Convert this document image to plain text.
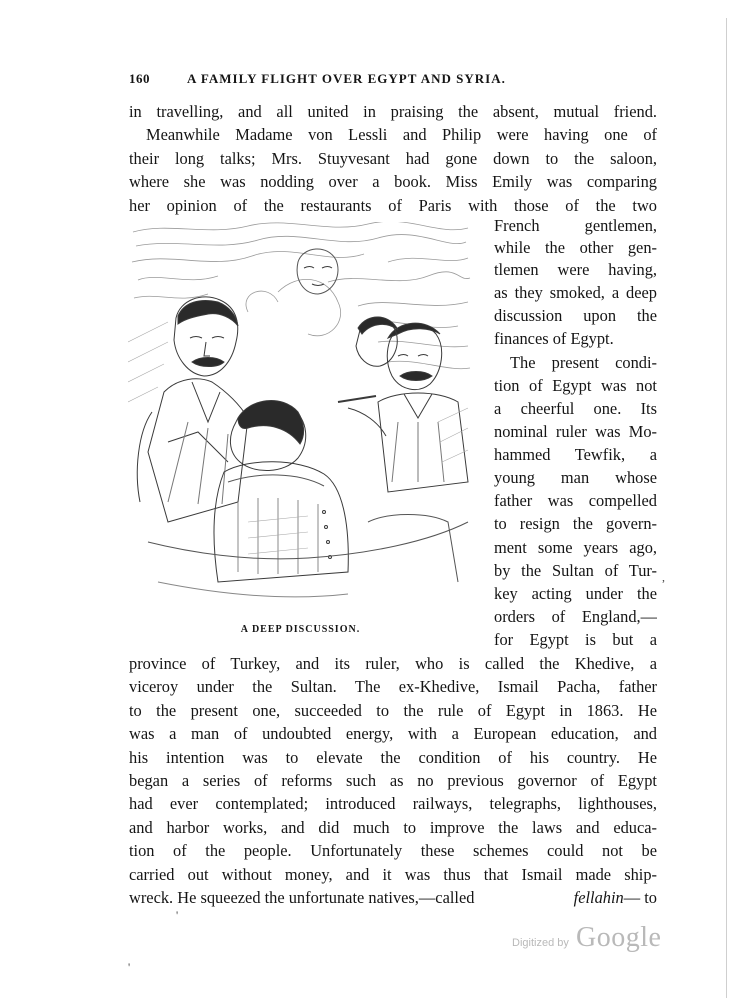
160	A FAMILY FLIGHT OVER EGYPT AND SYRIA.
in travelling, and all united in praising the absent, mutual friend.
Meanwhile Madame von Lessli and Philip were having one of
their long talks; Mrs. Stuyvesant had gone down to the saloon,
where she was nodding over a book. Miss Emily was comparing
her opinion of the restaurants of Paris with those of the two
French gentlemen,
while the other gen-
tlemen were having,
as they smoked, a deep
discussion upon the
finances of Egypt.
The present condi-
tion of Egypt was not
a cheerful one. Its
nominal ruler was Mo-
hammed Tewfik, a
young man whose
father was compelled
to resign the govern-
ment some years ago,
by the Sultan of Tur-
key acting under the
orders of England,—
for Egypt is but a
A DEEP DISCUSSION.
province of Turkey, and its ruler, who is called the Khedive, a
viceroy under the Sultan. The ex-Khedive, Ismail Pacha, father
to the present one, succeeded to the rule of Egypt in 1863. He
was a man of undoubted energy, with a European education, and
his intention was to elevate the condition of his country. He
began a series of reforms such as no previous governor of Egypt
had ever contemplated; introduced railways, telegraphs, lighthouses,
and harbor works, and did much to improve the laws and educa-
tion of the people. Unfortunately these schemes could not be
carried out without money, and it was thus that Ismail made ship-
wreck. He squeezed the unfortunate natives,—called	fellahin— to
,
'
'
Digitized by Google
